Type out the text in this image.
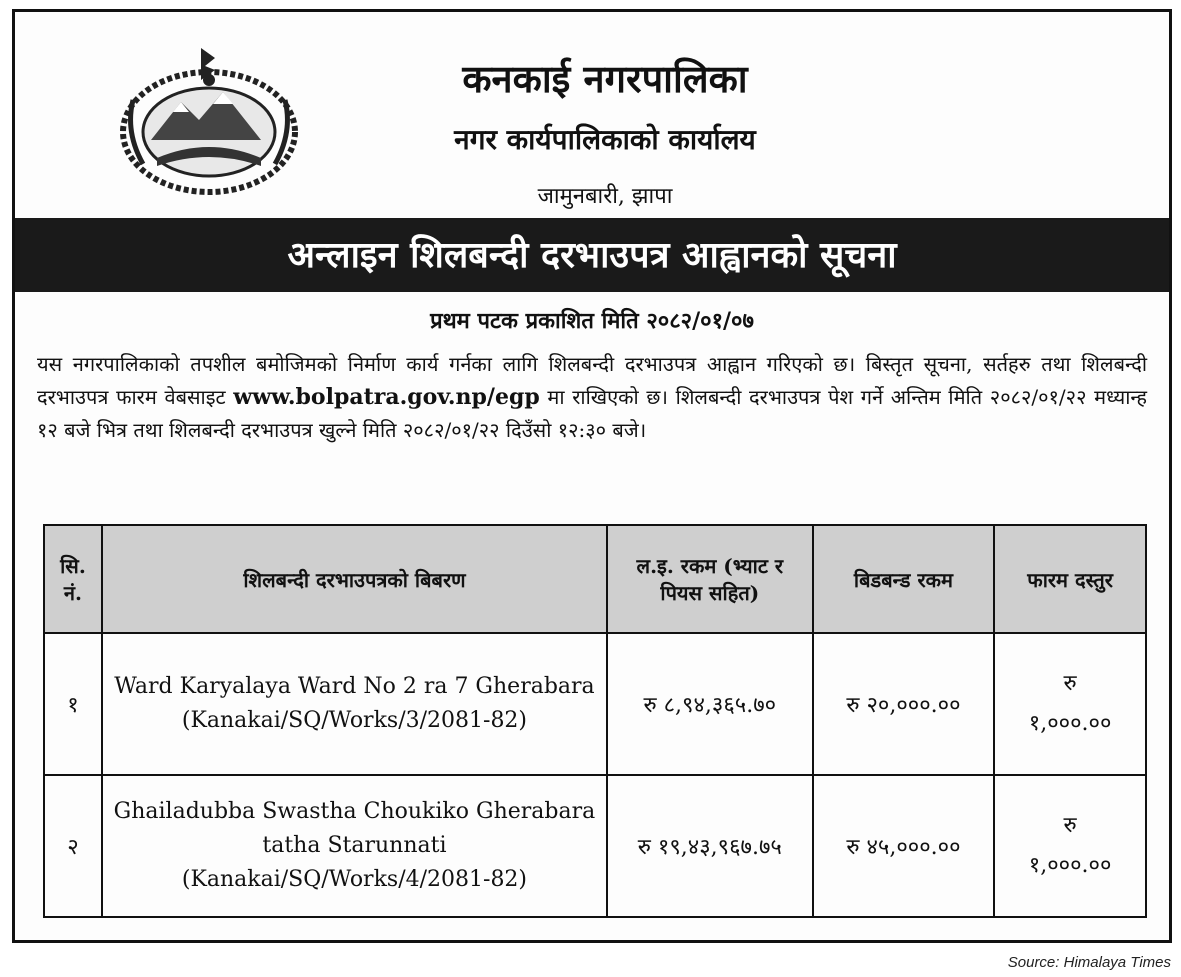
कनकाई नगरपालिका
नगर कार्यपालिकाको कार्यालय
जामुनबारी, झापा
अन्लाइन शिलबन्दी दरभाउपत्र आह्वानको सूचना
प्रथम पटक प्रकाशित मिति २०८२/०१/०७
यस नगरपालिकाको तपशील बमोजिमको निर्माण कार्य गर्नका लागि शिलबन्दी दरभाउपत्र आह्वान गरिएको छ। बिस्तृत सूचना, सर्तहरु तथा शिलबन्दी दरभाउपत्र फारम वेबसाइट www.bolpatra.gov.np/egp मा राखिएको छ। शिलबन्दी दरभाउपत्र पेश गर्ने अन्तिम मिति २०८२/०१/२२ मध्यान्ह १२ बजे भित्र तथा शिलबन्दी दरभाउपत्र खुल्ने मिति २०८२/०१/२२ दिउँसो १२:३० बजे।
सि. नं.	शिलबन्दी दरभाउपत्रको बिबरण	ल.इ. रकम (भ्याट र पियस सहित)	बिडबन्ड रकम	फारम दस्तुर
१	Ward Karyalaya Ward No 2 ra 7 Gherabara (Kanakai/SQ/Works/3/2081-82)	रु ८,९४,३६५.७०	रु २०,०००.००	रु
१,०००.००

२	Ghailadubba Swastha Choukiko Gherabara tatha Starunnati (Kanakai/SQ/Works/4/2081-82)	रु १९,४३,९६७.७५	रु ४५,०००.००	रु
१,०००.००
Source: Himalaya Times
